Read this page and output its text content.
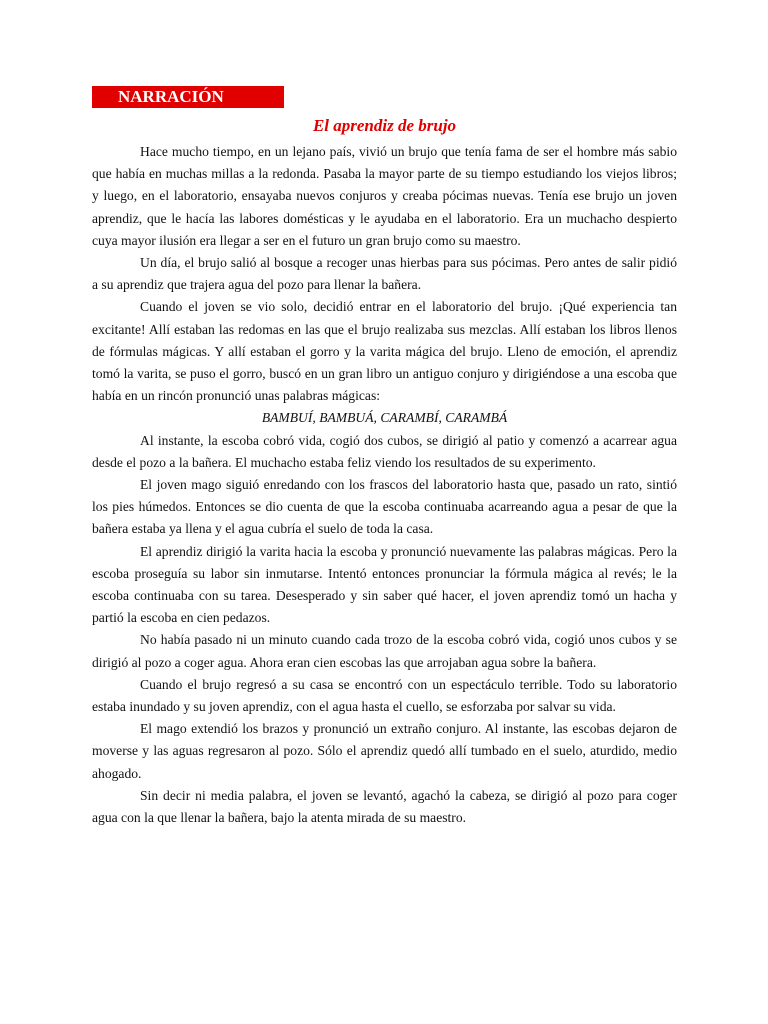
NARRACIÓN
El aprendiz de brujo

Hace mucho tiempo, en un lejano país, vivió un brujo que tenía fama de ser el hombre más sabio que había en muchas millas a la redonda. Pasaba la mayor parte de su tiempo estudiando los viejos libros; y luego, en el laboratorio, ensayaba nuevos conjuros y creaba pócimas nuevas. Tenía ese brujo un joven aprendiz, que le hacía las labores domésticas y le ayudaba en el laboratorio. Era un muchacho despierto cuya mayor ilusión era llegar a ser en el futuro un gran brujo como su maestro.

Un día, el brujo salió al bosque a recoger unas hierbas para sus pócimas. Pero antes de salir pidió a su aprendiz que trajera agua del pozo para llenar la bañera.

Cuando el joven se vio solo, decidió entrar en el laboratorio del brujo. ¡Qué experiencia tan excitante! Allí estaban las redomas en las que el brujo realizaba sus mezclas. Allí estaban los libros llenos de fórmulas mágicas. Y allí estaban el gorro y la varita mágica del brujo. Lleno de emoción, el aprendiz tomó la varita, se puso el gorro, buscó en un gran libro un antiguo conjuro y dirigiéndose a una escoba que había en un rincón pronunció unas palabras mágicas:

BAMBUÍ, BAMBUÁ, CARAMBÍ, CARAMBÁ

Al instante, la escoba cobró vida, cogió dos cubos, se dirigió al patio y comenzó a acarrear agua desde el pozo a la bañera. El muchacho estaba feliz viendo los resultados de su experimento.

El joven mago siguió enredando con los frascos del laboratorio hasta que, pasado un rato, sintió los pies húmedos. Entonces se dio cuenta de que la escoba continuaba acarreando agua a pesar de que la bañera estaba ya llena y el agua cubría el suelo de toda la casa.

El aprendiz dirigió la varita hacia la escoba y pronunció nuevamente las palabras mágicas. Pero la escoba proseguía su labor sin inmutarse. Intentó entonces pronunciar la fórmula mágica al revés; le la escoba continuaba con su tarea. Desesperado y sin saber qué hacer, el joven aprendiz tomó un hacha y partió la escoba en cien pedazos.

No había pasado ni un minuto cuando cada trozo de la escoba cobró vida, cogió unos cubos y se dirigió al pozo a coger agua. Ahora eran cien escobas las que arrojaban agua sobre la bañera.

Cuando el brujo regresó a su casa se encontró con un espectáculo terrible. Todo su laboratorio estaba inundado y su joven aprendiz, con el agua hasta el cuello, se esforzaba por salvar su vida.

El mago extendió los brazos y pronunció un extraño conjuro. Al instante, las escobas dejaron de moverse y las aguas regresaron al pozo. Sólo el aprendiz quedó allí tumbado en el suelo, aturdido, medio ahogado.

Sin decir ni media palabra, el joven se levantó, agachó la cabeza, se dirigió al pozo para coger agua con la que llenar la bañera, bajo la atenta mirada de su maestro.
